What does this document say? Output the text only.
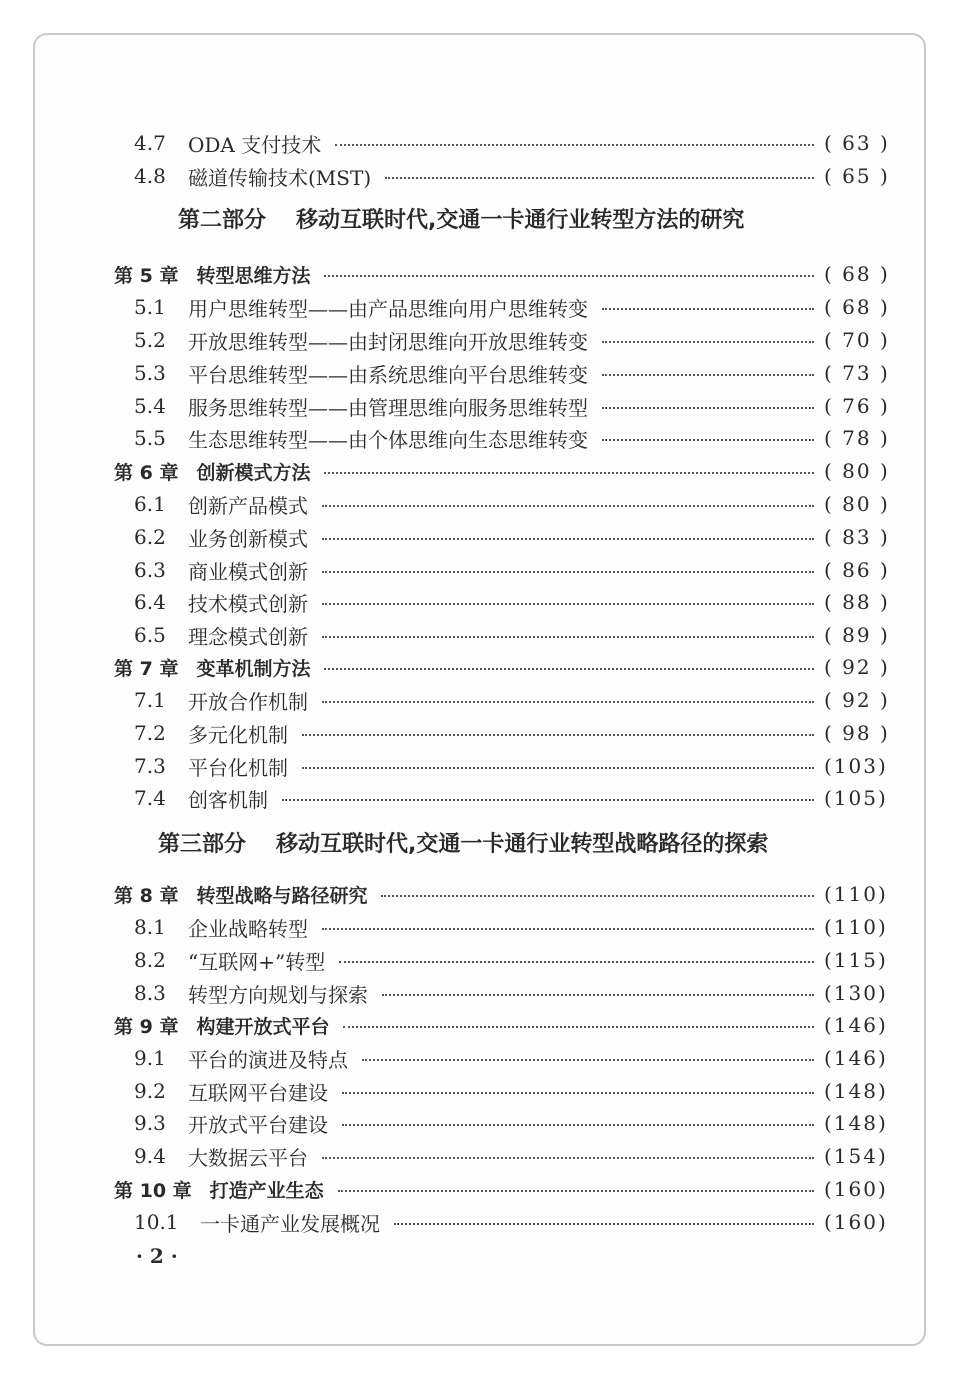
4.7	ODA 支付技术	( 63 )
4.8	磁道传输技术(MST)	( 65 )
第二部分 移动互联时代,交通一卡通行业转型方法的研究
第 5 章 转型思维方法	( 68 )
5.1	用户思维转型——由产品思维向用户思维转变	( 68 )
5.2	开放思维转型——由封闭思维向开放思维转变	( 70 )
5.3	平台思维转型——由系统思维向平台思维转变	( 73 )
5.4	服务思维转型——由管理思维向服务思维转型	( 76 )
5.5	生态思维转型——由个体思维向生态思维转变	( 78 )
第 6 章 创新模式方法	( 80 )
6.1	创新产品模式	( 80 )
6.2	业务创新模式	( 83 )
6.3	商业模式创新	( 86 )
6.4	技术模式创新	( 88 )
6.5	理念模式创新	( 89 )
第 7 章 变革机制方法	( 92 )
7.1	开放合作机制	( 92 )
7.2	多元化机制	( 98 )
7.3	平台化机制	(103)
7.4	创客机制	(105)
第三部分 移动互联时代,交通一卡通行业转型战略路径的探索
第 8 章 转型战略与路径研究	(110)
8.1	企业战略转型	(110)
8.2	“互联网+”转型	(115)
8.3	转型方向规划与探索	(130)
第 9 章 构建开放式平台	(146)
9.1	平台的演进及特点	(146)
9.2	互联网平台建设	(148)
9.3	开放式平台建设	(148)
9.4	大数据云平台	(154)
第 10 章 打造产业生态	(160)
10.1	一卡通产业发展概况	(160)
· 2 ·
